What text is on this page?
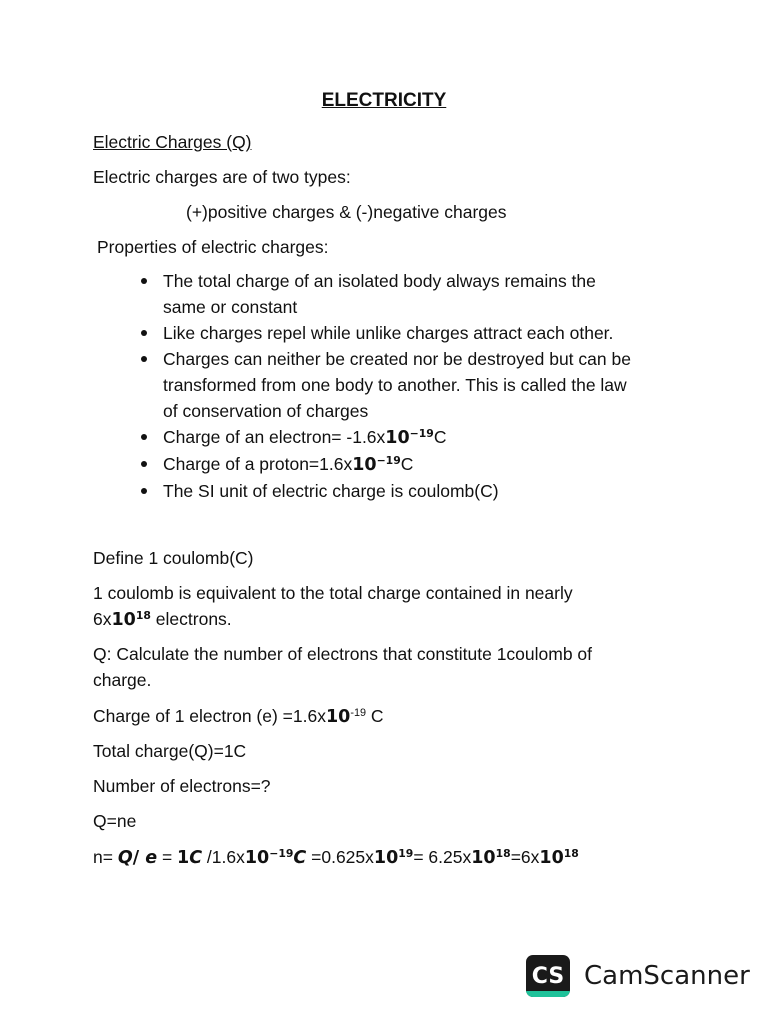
ELECTRICITY
Electric Charges (Q)
Electric charges are of two types:
(+)positive charges & (-)negative charges
Properties of electric charges:
The total charge of an isolated body always remains the
same or constant
Like charges repel while unlike charges attract each other.
Charges can neither be created nor be destroyed but can be
transformed from one body to another. This is called the law
of conservation of charges
Charge of an electron= $-1.6x10^{-19}C$
Charge of a $proton=1.6x10^{-19}C$
The SI unit of electric charge is coulomb(C)
Define 1 coulomb(C)
1 coulomb is equivalent to the total charge contained in nearly
$6x10^{18}$ electrons.
Q: Calculate the number of electrons that constitute 1coulomb of
charge.
Charge of 1 electron $(e) =1.6x10^{-19}$ C
Total charge(Q)=1C
Number of electrons=?
Q=ne
n= Q/ e = 1C $/1.6x10^{-19}C =0.625x10^{19}= 6.25x10^{18}=6x10^{18}$
CS CamScanner
